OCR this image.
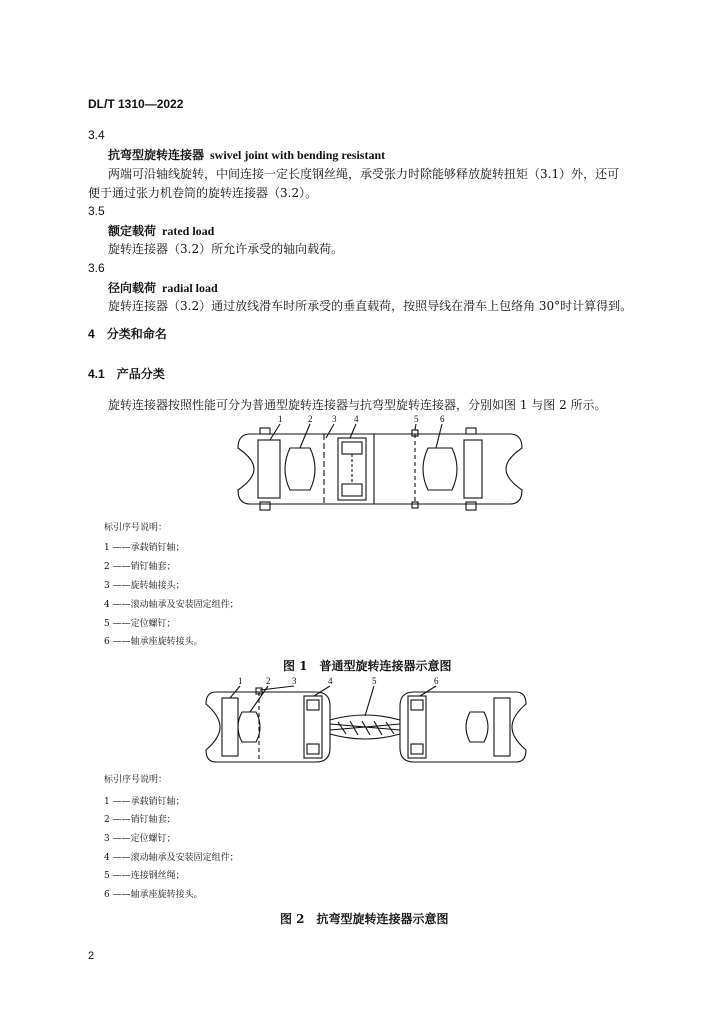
DL/T 1310—2022
3.4
抗弯型旋转连接器 swivel joint with bending resistant
两端可沿轴线旋转，中间连接一定长度钢丝绳，承受张力时除能够释放旋转扭矩（3.1）外，还可
便于通过张力机卷筒的旋转连接器（3.2）。
3.5
额定载荷 rated load
旋转连接器（3.2）所允许承受的轴向载荷。
3.6
径向载荷 radial load
旋转连接器（3.2）通过放线滑车时所承受的垂直载荷，按照导线在滑车上包络角 30°时计算得到。
4 分类和命名
4.1 产品分类
旋转连接器按照性能可分为普通型旋转连接器与抗弯型旋转连接器，分别如图 1 与图 2 所示。
1	2 3 4	5 6
标引序号说明：
1 ——承载销钉轴；
2 ——销钉轴套；
3 ——旋转轴接头；
4 ——滚动轴承及安装固定组件；
5 ——定位螺钉；
6 ——轴承座旋转接头。
图 1　普通型旋转连接器示意图
1	2 3	4	5	6
标引序号说明：
1 ——承载销钉轴；
2 ——销钉轴套；
3 ——定位螺钉；
4 ——滚动轴承及安装固定组件；
5 ——连接钢丝绳；
6 ——轴承座旋转接头。
图 2　抗弯型旋转连接器示意图
2
